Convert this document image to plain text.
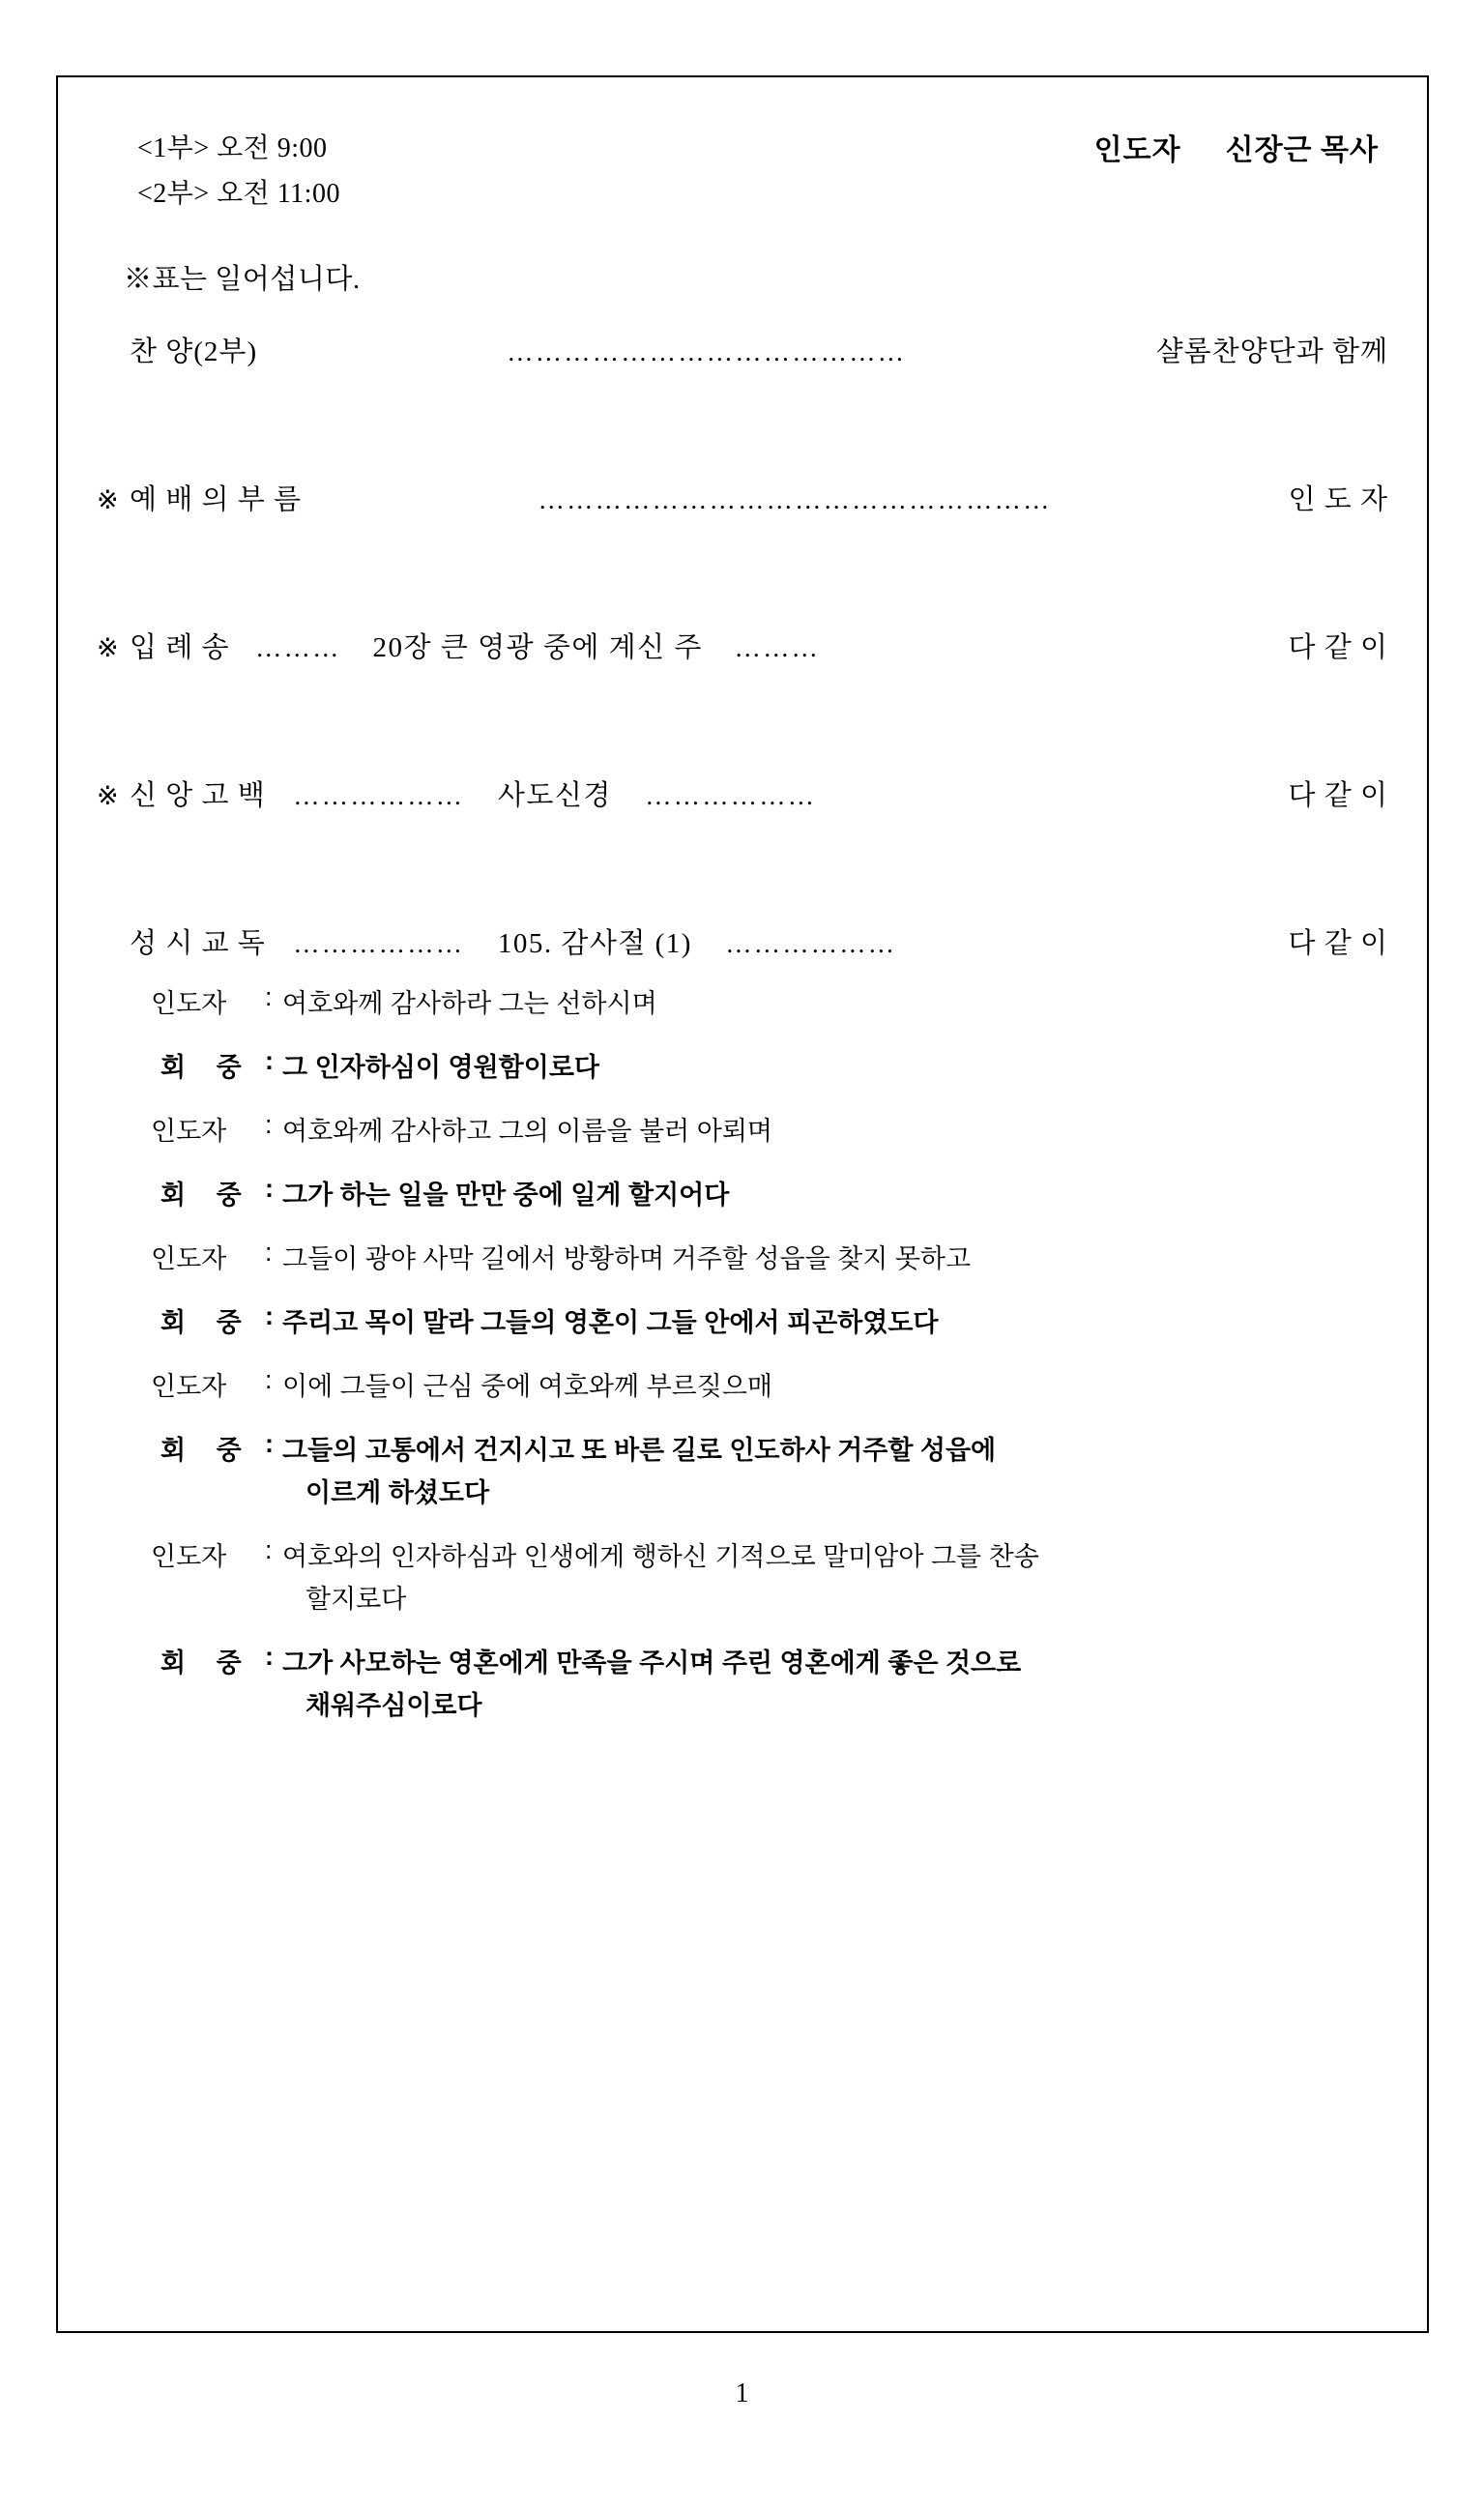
<1부> 오전 9:00
<2부> 오전 11:00
인도자 신장근 목사
※표는 일어섭니다.
찬 양(2부)	……………………………………	샬롬찬양단과 함께
※ 예 배 의 부 름	………………………………………………	인 도 자
※ 입 례 송 ………	20장 큰 영광 중에 계신 주	………	다 같 이
※ 신 앙 고 백	………………	사도신경	………………	다 같 이
성 시 교 독	………………	105. 감사절 (1)	………………	다 같 이
인도자	: 여호와께 감사하라 그는 선하시며
회 중 : 그 인자하심이 영원함이로다
인도자	: 여호와께 감사하고 그의 이름을 불러 아뢰며
회 중 : 그가 하는 일을 만만 중에 일게 할지어다
인도자	: 그들이 광야 사막 길에서 방황하며 거주할 성읍을 찾지 못하고
회 중 : 주리고 목이 말라 그들의 영혼이 그들 안에서 피곤하였도다
인도자	: 이에 그들이 근심 중에 여호와께 부르짖으매
회 중 : 그들의 고통에서 건지시고 또 바른 길로 인도하사 거주할 성읍에
이르게 하셨도다
인도자	: 여호와의 인자하심과 인생에게 행하신 기적으로 말미암아 그를 찬송
할지로다
회 중 : 그가 사모하는 영혼에게 만족을 주시며 주린 영혼에게 좋은 것으로
채워주심이로다
1
